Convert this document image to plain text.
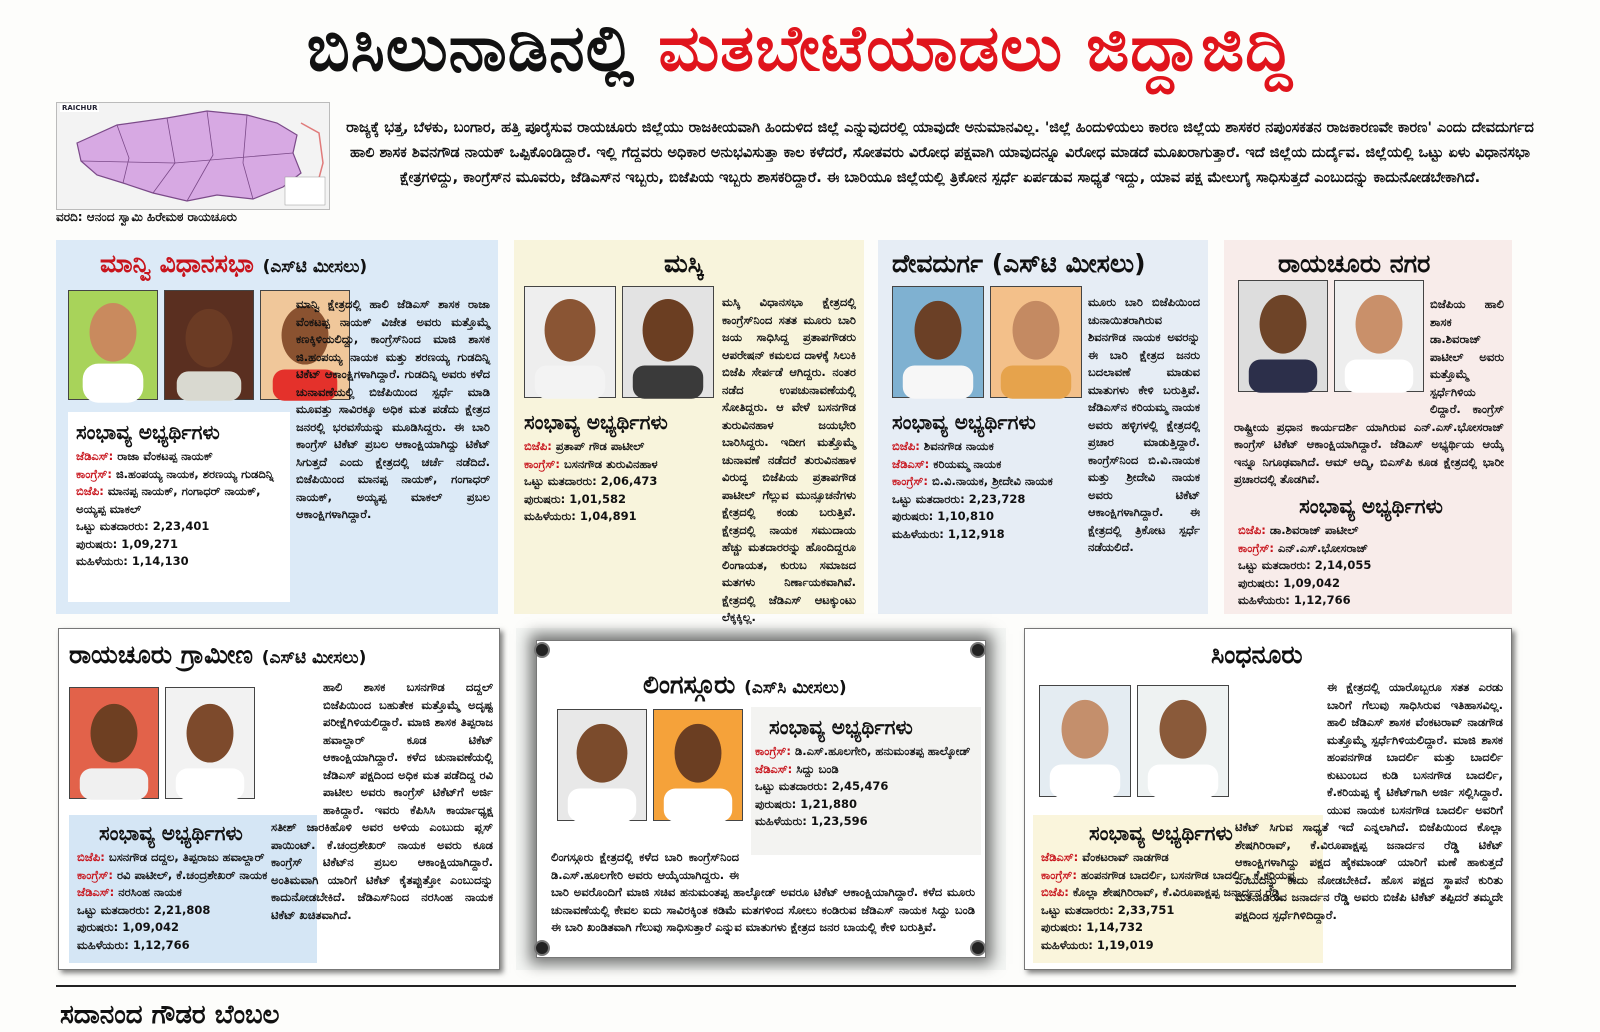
ಬಿಸಿಲುನಾಡಿನಲ್ಲಿ ಮತಬೇಟೆಯಾಡಲು ಜಿದ್ದಾಜಿದ್ದಿ
RAICHUR
ವರದಿ: ಆನಂದ ಸ್ವಾಮಿ ಹಿರೇಮಠ ರಾಯಚೂರು
ರಾಜ್ಯಕ್ಕೆ ಭತ್ತ, ಬೆಳಕು, ಬಂಗಾರ, ಹತ್ತಿ ಪೂರೈಸುವ ರಾಯಚೂರು ಜಿಲ್ಲೆಯು ರಾಜಕೀಯವಾಗಿ ಹಿಂದುಳಿದ ಜಿಲ್ಲೆ ಎನ್ನುವುದರಲ್ಲಿ ಯಾವುದೇ ಅನುಮಾನವಿಲ್ಲ. 'ಜಿಲ್ಲೆ ಹಿಂದುಳಿಯಲು ಕಾರಣ ಜಿಲ್ಲೆಯ ಶಾಸಕರ ನಪುಂಸಕತನ ರಾಜಕಾರಣವೇ ಕಾರಣ' ಎಂದು ದೇವದುರ್ಗದ ಹಾಲಿ ಶಾಸಕ ಶಿವನಗೌಡ ನಾಯಕ್ ಒಪ್ಪಿಕೊಂಡಿದ್ದಾರೆ. ಇಲ್ಲಿ ಗೆದ್ದವರು ಅಧಿಕಾರ ಅನುಭವಿಸುತ್ತಾ ಕಾಲ ಕಳೆದರೆ, ಸೋತವರು ವಿರೋಧ ಪಕ್ಷವಾಗಿ ಯಾವುದನ್ನೂ ವಿರೋಧ ಮಾಡದೆ ಮೂಖರಾಗುತ್ತಾರೆ. ಇದೆ ಜಿಲ್ಲೆಯ ದುರ್ದೈವ. ಜಿಲ್ಲೆಯಲ್ಲಿ ಒಟ್ಟು ಏಳು ವಿಧಾನಸಭಾ ಕ್ಷೇತ್ರಗಳಿದ್ದು, ಕಾಂಗ್ರೆಸ್‌ನ ಮೂವರು, ಜೆಡಿಎಸ್‌ನ ಇಬ್ಬರು, ಬಿಜೆಪಿಯ ಇಬ್ಬರು ಶಾಸಕರಿದ್ದಾರೆ. ಈ ಬಾರಿಯೂ ಜಿಲ್ಲೆಯಲ್ಲಿ ತ್ರಿಕೋನ ಸ್ಪರ್ಧೆ ಏರ್ಪಡುವ ಸಾಧ್ಯತೆ ಇದ್ದು, ಯಾವ ಪಕ್ಷ ಮೇಲುಗೈ ಸಾಧಿಸುತ್ತದೆ ಎಂಬುದನ್ನು ಕಾದುನೋಡಬೇಕಾಗಿದೆ.
ಮಾನ್ವಿ ವಿಧಾನಸಭಾ (ಎಸ್‌ಟಿ ಮೀಸಲು)
ಸಂಭಾವ್ಯ ಅಭ್ಯರ್ಥಿಗಳು
ಜೆಡಿಎಸ್: ರಾಜಾ ವೆಂಕಟಪ್ಪ ನಾಯಕ್
ಕಾಂಗ್ರೆಸ್: ಜಿ.ಹಂಪಯ್ಯ ನಾಯಕ, ಶರಣಯ್ಯ ಗುಡದಿನ್ನಿ
ಬಿಜೆಪಿ: ಮಾನಪ್ಪ ನಾಯಕ್, ಗಂಗಾಧರ್ ನಾಯಕ್, ಅಯ್ಯಪ್ಪ ಮಾಕಲ್
ಒಟ್ಟು ಮತದಾರರು: 2,23,401
ಪುರುಷರು: 1,09,271
ಮಹಿಳೆಯರು: 1,14,130
ಮಾನ್ವಿ ಕ್ಷೇತ್ರದಲ್ಲಿ ಹಾಲಿ ಜೆಡಿಎಸ್ ಶಾಸಕ ರಾಜಾ ವೆಂಕಟಪ್ಪ ನಾಯಕ್ ವಿಜೇತ ಅವರು ಮತ್ತೊಮ್ಮೆ ಕಣಕ್ಕಿಳಿಯಲಿದ್ದು, ಕಾಂಗ್ರೆಸ್‌ನಿಂದ ಮಾಜಿ ಶಾಸಕ ಜಿ.ಹಂಪಯ್ಯ ನಾಯಕ ಮತ್ತು ಶರಣಯ್ಯ ಗುಡದಿನ್ನಿ ಟಿಕೆಟ್ ಆಕಾಂಕ್ಷಿಗಳಾಗಿದ್ದಾರೆ. ಗುಡದಿನ್ನಿ ಅವರು ಕಳೆದ ಚುನಾವಣೆಯಲ್ಲಿ ಬಿಜೆಪಿಯಿಂದ ಸ್ಪರ್ಧೆ ಮಾಡಿ ಮೂವತ್ತು ಸಾವಿರಕ್ಕೂ ಅಧಿಕ ಮತ ಪಡೆದು ಕ್ಷೇತ್ರದ ಜನರಲ್ಲಿ ಭರವಸೆಯನ್ನು ಮೂಡಿಸಿದ್ದರು. ಈ ಬಾರಿ ಕಾಂಗ್ರೆಸ್ ಟಿಕೆಟ್ ಪ್ರಬಲ ಆಕಾಂಕ್ಷಿಯಾಗಿದ್ದು ಟಿಕೆಟ್ ಸಿಗುತ್ತದೆ ಎಂದು ಕ್ಷೇತ್ರದಲ್ಲಿ ಚರ್ಚೆ ನಡೆದಿದೆ. ಬಿಜೆಪಿಯಿಂದ ಮಾನಪ್ಪ ನಾಯಕ್, ಗಂಗಾಧರ್ ನಾಯಕ್, ಅಯ್ಯಪ್ಪ ಮಾಕಲ್ ಪ್ರಬಲ ಆಕಾಂಕ್ಷಿಗಳಾಗಿದ್ದಾರೆ.
ಮಸ್ಕಿ
ಸಂಭಾವ್ಯ ಅಭ್ಯರ್ಥಿಗಳು
ಬಿಜೆಪಿ: ಪ್ರತಾಪ್ ಗೌಡ ಪಾಟೀಲ್
ಕಾಂಗ್ರೆಸ್: ಬಸನಗೌಡ ತುರುವಿನಹಾಳ
ಒಟ್ಟು ಮತದಾರರು: 2,06,473
ಪುರುಷರು: 1,01,582
ಮಹಿಳೆಯರು: 1,04,891
ಮಸ್ಕಿ ವಿಧಾನಸಭಾ ಕ್ಷೇತ್ರದಲ್ಲಿ ಕಾಂಗ್ರೆಸ್‌ನಿಂದ ಸತತ ಮೂರು ಬಾರಿ ಜಯ ಸಾಧಿಸಿದ್ದ ಪ್ರತಾಪಗೌಡರು ಆಪರೇಷನ್ ಕಮಲದ ದಾಳಕ್ಕೆ ಸಿಲುಕಿ ಬಿಜೆಪಿ ಸೇರ್ಪಡೆ ಆಗಿದ್ದರು. ನಂತರ ನಡೆದ ಉಪಚುನಾವಣೆಯಲ್ಲಿ ಸೋತಿದ್ದರು. ಆ ವೇಳೆ ಬಸನಗೌಡ ತುರುವಿನಹಾಳ ಜಯಭೇರಿ ಬಾರಿಸಿದ್ದರು. ಇದೀಗ ಮತ್ತೊಮ್ಮೆ ಚುನಾವಣೆ ನಡೆದರೆ ತುರುವಿನಹಾಳ ವಿರುದ್ಧ ಬಿಜೆಪಿಯ ಪ್ರತಾಪಗೌಡ ಪಾಟೀಲ್ ಗೆಲ್ಲುವ ಮುನ್ಸೂಚನೆಗಳು ಕ್ಷೇತ್ರದಲ್ಲಿ ಕಂಡು ಬರುತ್ತಿವೆ. ಕ್ಷೇತ್ರದಲ್ಲಿ ನಾಯಕ ಸಮುದಾಯ ಹೆಚ್ಚು ಮತದಾರರನ್ನು ಹೊಂದಿದ್ದರೂ ಲಿಂಗಾಯತ, ಕುರುಬ ಸಮಾಜದ ಮತಗಳು ನಿರ್ಣಾಯಕವಾಗಿವೆ. ಕ್ಷೇತ್ರದಲ್ಲಿ ಜೆಡಿಎಸ್ ಆಟಕ್ಕುಂಟು ಲೆಕ್ಕಕ್ಕಿಲ್ಲ.
ದೇವದುರ್ಗ (ಎಸ್‌ಟಿ ಮೀಸಲು)
ಸಂಭಾವ್ಯ ಅಭ್ಯರ್ಥಿಗಳು
ಬಿಜೆಪಿ: ಶಿವನಗೌಡ ನಾಯಕ
ಜೆಡಿಎಸ್: ಕರಿಯಮ್ಮ ನಾಯಕ
ಕಾಂಗ್ರೆಸ್: ಬಿ.ವಿ.ನಾಯಕ, ಶ್ರೀದೇವಿ ನಾಯಕ
ಒಟ್ಟು ಮತದಾರರು: 2,23,728
ಪುರುಷರು: 1,10,810
ಮಹಿಳೆಯರು: 1,12,918
ಮೂರು ಬಾರಿ ಬಿಜೆಪಿಯಿಂದ ಚುನಾಯಿತರಾಗಿರುವ ಶಿವನಗೌಡ ನಾಯಕ ಅವರನ್ನು ಈ ಬಾರಿ ಕ್ಷೇತ್ರದ ಜನರು ಬದಲಾವಣೆ ಮಾಡುವ ಮಾತುಗಳು ಕೇಳಿ ಬರುತ್ತಿವೆ. ಜೆಡಿಎಸ್‌ನ ಕರಿಯಮ್ಮ ನಾಯಕ ಅವರು ಹಳ್ಳಿಗಳಲ್ಲಿ ಕ್ಷೇತ್ರದಲ್ಲಿ ಪ್ರಚಾರ ಮಾಡುತ್ತಿದ್ದಾರೆ. ಕಾಂಗ್ರೆಸ್‌ನಿಂದ ಬಿ.ವಿ.ನಾಯಕ ಮತ್ತು ಶ್ರೀದೇವಿ ನಾಯಕ ಅವರು ಟಿಕೆಟ್ ಆಕಾಂಕ್ಷಿಗಳಾಗಿದ್ದಾರೆ. ಈ ಕ್ಷೇತ್ರದಲ್ಲಿ ತ್ರಿಕೋಟ ಸ್ಪರ್ಧೆ ನಡೆಯಲಿದೆ.
ರಾಯಚೂರು ನಗರ
ಬಿಜೆಪಿಯ ಹಾಲಿ ಶಾಸಕ ಡಾ.ಶಿವರಾಜ್ ಪಾಟೀಲ್ ಅವರು ಮತ್ತೊಮ್ಮೆ ಸ್ಪರ್ಧೆಗಿಳಿಯ ಲಿದ್ದಾರೆ. ಕಾಂಗ್ರೆಸ್ ರಾಷ್ಟ್ರೀಯ ಪ್ರಧಾನ ಕಾರ್ಯದರ್ಶಿ ಯಾಗಿರುವ ಎನ್.ಎಸ್.ಭೋಸರಾಜ್ ಕಾಂಗ್ರೆಸ್ ಟಿಕೆಟ್ ಆಕಾಂಕ್ಷಿಯಾಗಿದ್ದಾರೆ. ಜೆಡಿಎಸ್ ಅಭ್ಯರ್ಥಿಯ ಆಯ್ಕೆ ಇನ್ನೂ ನಿಗೂಢವಾಗಿದೆ. ಆಮ್ ಆದ್ಮಿ, ಬಿಎಸ್‌ಪಿ ಕೂಡ ಕ್ಷೇತ್ರದಲ್ಲಿ ಭಾರೀ ಪ್ರಚಾರದಲ್ಲಿ ತೊಡಗಿವೆ.
ಸಂಭಾವ್ಯ ಅಭ್ಯರ್ಥಿಗಳು
ಬಿಜೆಪಿ: ಡಾ.ಶಿವರಾಜ್ ಪಾಟೀಲ್
ಕಾಂಗ್ರೆಸ್: ಎನ್.ಎಸ್.ಭೋಸರಾಜ್
ಒಟ್ಟು ಮತದಾರರು: 2,14,055
ಪುರುಷರು: 1,09,042
ಮಹಿಳೆಯರು: 1,12,766
ರಾಯಚೂರು ಗ್ರಾಮೀಣ (ಎಸ್‌ಟಿ ಮೀಸಲು)
ಸಂಭಾವ್ಯ ಅಭ್ಯರ್ಥಿಗಳು
ಬಿಜೆಪಿ: ಬಸನಗೌಡ ದದ್ದಲ, ತಿಪ್ಪರಾಜು ಹವಾಲ್ದಾರ್
ಕಾಂಗ್ರೆಸ್: ರವಿ ಪಾಟೀಲ್, ಕೆ.ಚಂದ್ರಶೇಖರ್ ನಾಯಕ
ಜೆಡಿಎಸ್: ನರಸಿಂಹ ನಾಯಕ
ಒಟ್ಟು ಮತದಾರರು: 2,21,808
ಪುರುಷರು: 1,09,042
ಮಹಿಳೆಯರು: 1,12,766
ಹಾಲಿ ಶಾಸಕ ಬಸನಗೌಡ ದದ್ದಲ್ ಬಿಜೆಪಿಯಿಂದ ಬಹುತೇಕ ಮತ್ತೊಮ್ಮೆ ಅದೃಷ್ಟ ಪರೀಕ್ಷೆಗಿಳಿಯಲಿದ್ದಾರೆ. ಮಾಜಿ ಶಾಸಕ ತಿಪ್ಪರಾಜ ಹವಾಲ್ದಾರ್ ಕೂಡ ಟಿಕೆಟ್ ಆಕಾಂಕ್ಷಿಯಾಗಿದ್ದಾರೆ. ಕಳೆದ ಚುನಾವಣೆಯಲ್ಲಿ ಜೆಡಿಎಸ್ ಪಕ್ಷದಿಂದ ಅಧಿಕ ಮತ ಪಡೆದಿದ್ದ ರವಿ ಪಾಟೀಲ ಅವರು ಕಾಂಗ್ರೆಸ್ ಟಿಕೆಟ್‌ಗೆ ಅರ್ಜಿ ಹಾಕಿದ್ದಾರೆ. ಇವರು ಕೆಪಿಸಿಸಿ ಕಾರ್ಯಾಧ್ಯಕ್ಷ ಸತೀಶ್ ಜಾರಕಿಹೊಳಿ ಅವರ ಅಳಿಯ ಎಂಬುದು ಪ್ಲಸ್ ಪಾಯಿಂಟ್. ಕೆ.ಚಂದ್ರಶೇಖರ್ ನಾಯಕ ಅವರು ಕೂಡ ಕಾಂಗ್ರೆಸ್ ಟಿಕೆಟ್‌ನ ಪ್ರಬಲ ಆಕಾಂಕ್ಷಿಯಾಗಿದ್ದಾರೆ. ಅಂತಿಮವಾಗಿ ಯಾರಿಗೆ ಟಿಕೆಟ್ ಕೈತಪ್ಪುತ್ತೋ ಎಂಬುದನ್ನು ಕಾದುನೋಡಬೇಕಿದೆ. ಜೆಡಿಎಸ್‌ನಿಂದ ನರಸಿಂಹ ನಾಯಕ ಟಿಕೆಟ್ ಖಚಿತವಾಗಿದೆ.
ಲಿಂಗಸ್ಗೂರು (ಎಸ್‌ಸಿ ಮೀಸಲು)
ಸಂಭಾವ್ಯ ಅಭ್ಯರ್ಥಿಗಳು
ಕಾಂಗ್ರೆಸ್: ಡಿ.ಎಸ್.ಹೂಲಗೇರಿ, ಹನುಮಂತಪ್ಪ ಹಾಲ್ಕೋಡ್
ಜೆಡಿಎಸ್: ಸಿದ್ದು ಬಂಡಿ
ಒಟ್ಟು ಮತದಾರರು: 2,45,476
ಪುರುಷರು: 1,21,880
ಮಹಿಳೆಯರು: 1,23,596
ಲಿಂಗಸ್ಗೂರು ಕ್ಷೇತ್ರದಲ್ಲಿ ಕಳೆದ ಬಾರಿ ಕಾಂಗ್ರೆಸ್‌ನಿಂದ ಡಿ.ಎಸ್.ಹೂಲಗೇರಿ ಅವರು ಆಯ್ಕೆಯಾಗಿದ್ದರು. ಈ ಬಾರಿ ಅವರೊಂದಿಗೆ ಮಾಜಿ ಸಚಿವ ಹನುಮಂತಪ್ಪ ಹಾಲ್ಕೋಡ್ ಅವರೂ ಟಿಕೆಟ್ ಆಕಾಂಕ್ಷಿಯಾಗಿದ್ದಾರೆ. ಕಳೆದ ಮೂರು ಚುನಾವಣೆಯಲ್ಲಿ ಕೇವಲ ಐದು ಸಾವಿರಕ್ಕಿಂತ ಕಡಿಮೆ ಮತಗಳಿಂದ ಸೋಲು ಕಂಡಿರುವ ಜೆಡಿಎಸ್ ನಾಯಕ ಸಿದ್ದು ಬಂಡಿ ಈ ಬಾರಿ ಖಂಡಿತವಾಗಿ ಗೆಲುವು ಸಾಧಿಸುತ್ತಾರೆ ಎನ್ನುವ ಮಾತುಗಳು ಕ್ಷೇತ್ರದ ಜನರ ಬಾಯಲ್ಲಿ ಕೇಳಿ ಬರುತ್ತಿವೆ.
ಸಿಂಧನೂರು
ಸಂಭಾವ್ಯ ಅಭ್ಯರ್ಥಿಗಳು
ಜೆಡಿಎಸ್: ವೆಂಕಟರಾವ್ ನಾಡಗೌಡ
ಕಾಂಗ್ರೆಸ್: ಹಂಪನಗೌಡ ಬಾದರ್ಲಿ, ಬಸನಗೌಡ ಬಾದರ್ಲಿ, ಕೆ.ಕರಿಯಪ್ಪ
ಬಿಜೆಪಿ: ಕೊಲ್ಲಾ ಶೇಷಗಿರಿರಾವ್, ಕೆ.ವಿರೂಪಾಕ್ಷಪ್ಪ ಜನಾರ್ದನ ರೆಡ್ಡಿ
ಒಟ್ಟು ಮತದಾರರು: 2,33,751
ಪುರುಷರು: 1,14,732
ಮಹಿಳೆಯರು: 1,19,019
ಈ ಕ್ಷೇತ್ರದಲ್ಲಿ ಯಾರೊಬ್ಬರೂ ಸತತ ಎರಡು ಬಾರಿಗೆ ಗೆಲುವು ಸಾಧಿಸಿರುವ ಇತಿಹಾಸವಿಲ್ಲ. ಹಾಲಿ ಜೆಡಿಎಸ್ ಶಾಸಕ ವೆಂಕಟರಾವ್ ನಾಡಗೌಡ ಮತ್ತೊಮ್ಮೆ ಸ್ಪರ್ಧೆಗಿಳಿಯಲಿದ್ದಾರೆ. ಮಾಜಿ ಶಾಸಕ ಹಂಪನಗೌಡ ಬಾದರ್ಲಿ ಮತ್ತು ಬಾದರ್ಲಿ ಕುಟುಂಬದ ಕುಡಿ ಬಸನಗೌಡ ಬಾದರ್ಲಿ, ಕೆ.ಕರಿಯಪ್ಪ ಕೈ ಟಿಕೆಟ್‌ಗಾಗಿ ಅರ್ಜಿ ಸಲ್ಲಿಸಿದ್ದಾರೆ. ಯುವ ನಾಯಕ ಬಸನಗೌಡ ಬಾದರ್ಲಿ ಅವರಿಗೆ ಟಿಕೆಟ್ ಸಿಗುವ ಸಾಧ್ಯತೆ ಇದೆ ಎನ್ನಲಾಗಿದೆ. ಬಿಜೆಪಿಯಿಂದ ಕೊಲ್ಲಾ ಶೇಷಗಿರಿರಾವ್, ಕೆ.ವಿರೂಪಾಕ್ಷಪ್ಪ ಜನಾರ್ದನ ರೆಡ್ಡಿ ಟಿಕೆಟ್ ಆಕಾಂಕ್ಷಿಗಳಾಗಿದ್ದು ಪಕ್ಷದ ಹೈಕಮಾಂಡ್ ಯಾರಿಗೆ ಮಣೆ ಹಾಕುತ್ತದೆ ಎಂಬುದನ್ನು ಕಾದು ನೋಡಬೇಕಿದೆ. ಹೊಸ ಪಕ್ಷದ ಸ್ಥಾಪನೆ ಕುರಿತು ಮತನಾಡಿರುವ ಜನಾರ್ದನ ರೆಡ್ಡಿ ಅವರು ಬಿಜೆಪಿ ಟಿಕೆಟ್ ತಪ್ಪಿದರೆ ತಮ್ಮದೇ ಪಕ್ಷದಿಂದ ಸ್ಪರ್ಧೆಗಿಳಿದಿದ್ದಾರೆ.
ಸದಾನಂದ ಗೌಡರ ಬೆಂಬಲ
